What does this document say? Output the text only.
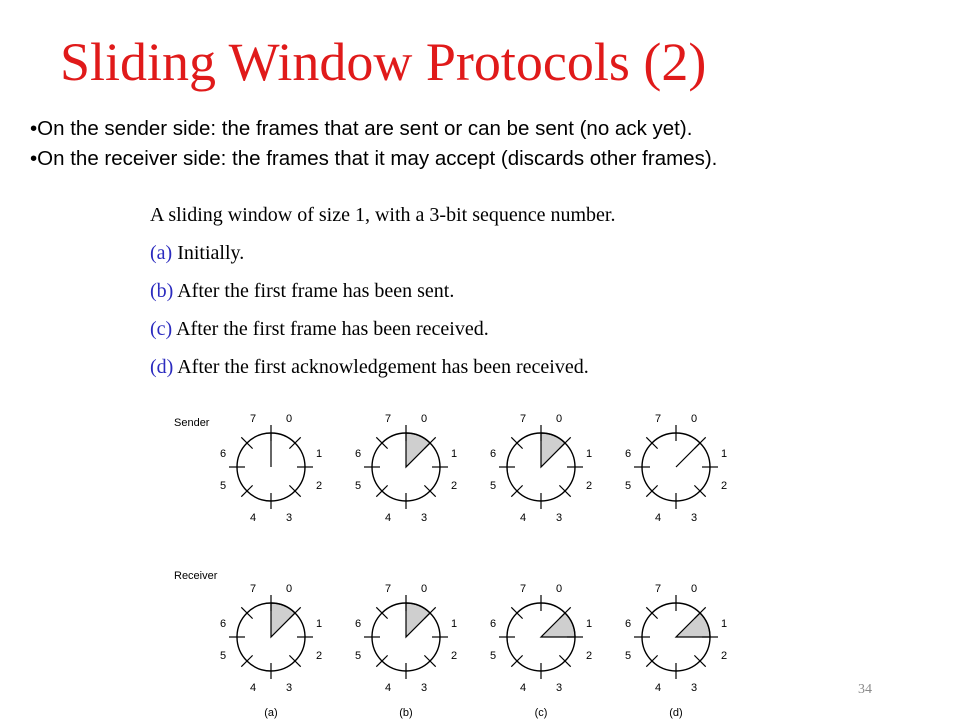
Sliding Window Protocols (2)
•On the sender side: the frames that are sent or can be sent (no ack yet).
•On the receiver side: the frames that it may accept (discards other frames).
A sliding window of size 1, with a 3-bit sequence number.
(a) Initially.
(b) After the first frame has been sent.
(c) After the first frame has been received.
(d) After the first acknowledgement has been received.
Sender
Receiver
0
1
2
3
4
5
6
7	0
1
2
3
4
5
6
7	0
1
2
3
4
5
6
7	0
1
2
3
4
5
6
7
0
1
2
3
4
5
6
7	0
1
2
3
4
5
6
7	0
1
2
3
4
5
6
7	0
1
2
3
4
5
6
7
(a)	(b)	(c)	(d)
34
